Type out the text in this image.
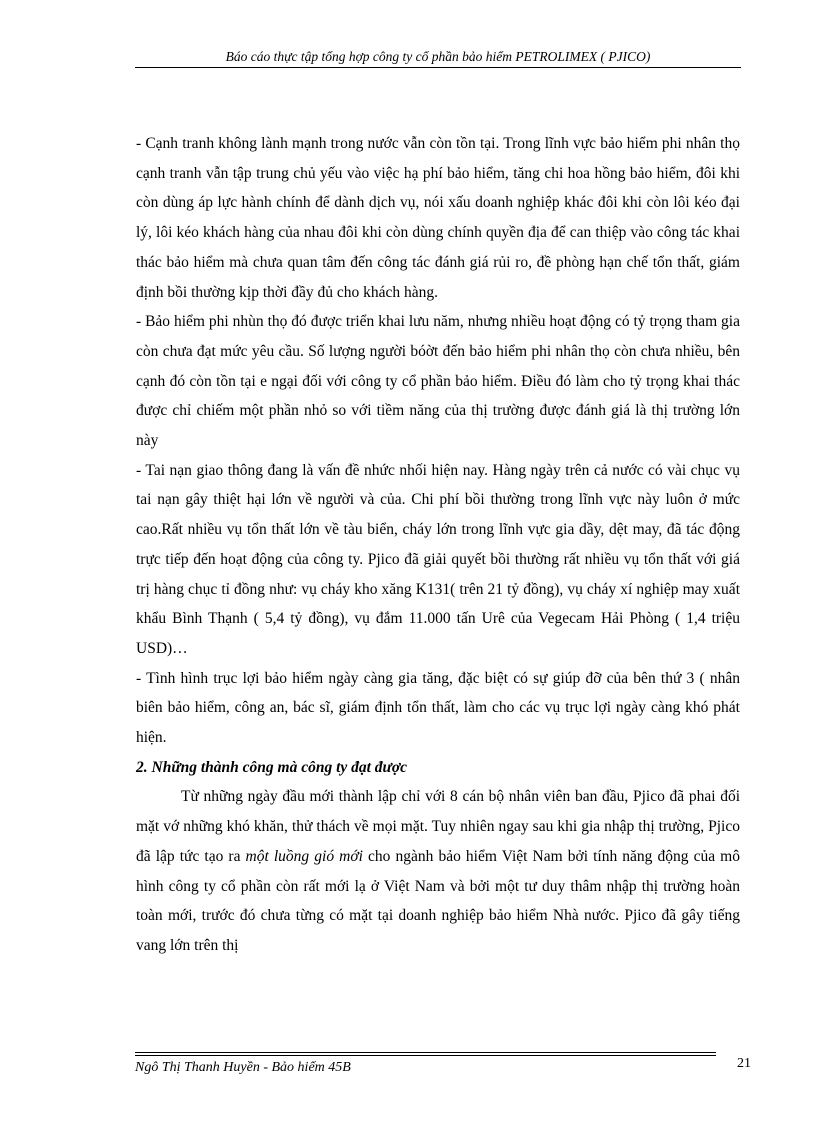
Báo cáo thực tập tổng hợp công ty cổ phần bảo hiểm PETROLIMEX ( PJICO)

- Cạnh tranh không lành mạnh trong nước vẫn còn tồn tại. Trong lĩnh vực bảo hiểm phi nhân thọ cạnh tranh vẫn tập trung chủ yếu vào việc hạ phí bảo hiểm, tăng chi hoa hồng bảo hiểm, đôi khi còn dùng áp lực hành chính để dành dịch vụ, nói xấu doanh nghiệp khác đôi khi còn lôi kéo đại lý, lôi kéo khách hàng của nhau đôi khi còn dùng chính quyền địa để can thiệp vào công tác khai thác bảo hiểm mà chưa quan tâm đến công tác đánh giá rủi ro, đề phòng hạn chế tổn thất, giám định bồi thường kịp thời đầy đủ cho khách hàng.

- Bảo hiểm phi nhùn thọ đó được triển khai lưu năm, nhưng nhiều hoạt động có tỷ trọng tham gia còn chưa đạt mức yêu cầu. Số lượng người bóờt đến bảo hiểm phi nhân thọ còn chưa nhiều, bên cạnh đó còn tồn tại e ngại đối với công ty cổ phần bảo hiểm. Điều đó làm cho tỷ trọng khai thác được chỉ chiếm một phần nhỏ so với tiềm năng của thị trường được đánh giá là thị trường lớn này

- Tai nạn giao thông đang là vấn đề nhức nhối hiện nay. Hàng ngày trên cả nước có vài chục vụ tai nạn gây thiệt hại lớn về người và của. Chi phí bồi thường trong lĩnh vực này luôn ở mức cao.Rất nhiều vụ tổn thất lớn về tàu biển, cháy lớn trong lĩnh vực gia dầy, dệt may, đã tác động trực tiếp đến hoạt động của công ty. Pjico đã giải quyết bồi thường rất nhiều vụ tổn thất với giá trị hàng chục tỉ đồng như: vụ cháy kho xăng K131( trên 21 tỷ đồng), vụ cháy xí nghiệp may xuất khẩu Bình Thạnh ( 5,4 tỷ đồng), vụ đắm 11.000 tấn Urê của Vegecam Hải Phòng ( 1,4 triệu USD)…

- Tình hình trục lợi bảo hiểm ngày càng gia tăng, đặc biệt có sự giúp đỡ của bên thứ 3 ( nhân biên bảo hiểm, công an, bác sĩ, giám định tổn thất, làm cho các vụ trục lợi ngày càng khó phát hiện.

2. Những thành công mà công ty đạt được

Từ những ngày đầu mới thành lập chỉ với 8 cán bộ nhân viên ban đầu, Pjico đã phai đối mặt vớ những khó khăn, thử thách về mọi mặt. Tuy nhiên ngay sau khi gia nhập thị trường, Pjico đã lập tức tạo ra một luồng gió mới cho ngành bảo hiểm Việt Nam bởi tính năng động của mô hình công ty cổ phần còn rất mới lạ ở Việt Nam và bởi một tư duy thâm nhập thị trường hoàn toàn mới, trước đó chưa từng có mặt tại doanh nghiệp bảo hiểm Nhà nước. Pjico đã gây tiếng vang lớn trên thị

Ngô Thị Thanh Huyền - Bảo hiểm 45B	21
